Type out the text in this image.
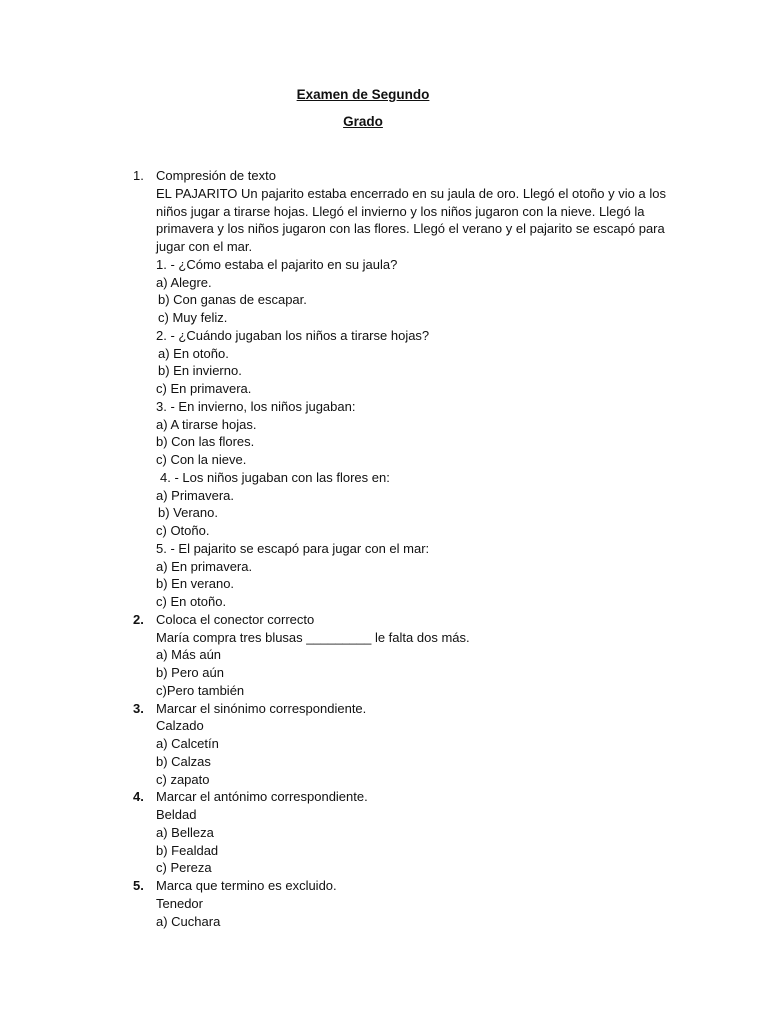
Examen de Segundo
Grado
1. Compresión de texto
EL PAJARITO Un pajarito estaba encerrado en su jaula de oro. Llegó el otoño y vio a los
niños jugar a tirarse hojas. Llegó el invierno y los niños jugaron con la nieve. Llegó la
primavera y los niños jugaron con las flores. Llegó el verano y el pajarito se escapó para
jugar con el mar.
1. - ¿Cómo estaba el pajarito en su jaula?
a) Alegre.
b) Con ganas de escapar.
c) Muy feliz.
2. - ¿Cuándo jugaban los niños a tirarse hojas?
a) En otoño.
b) En invierno.
c) En primavera.
3. - En invierno, los niños jugaban:
a) A tirarse hojas.
b) Con las flores.
c) Con la nieve.
4. - Los niños jugaban con las flores en:
a) Primavera.
b) Verano.
c) Otoño.
5. - El pajarito se escapó para jugar con el mar:
a) En primavera.
b) En verano.
c) En otoño.
2. Coloca el conector correcto
María compra tres blusas _________ le falta dos más.
a) Más aún
b) Pero aún
c)Pero también
3. Marcar el sinónimo correspondiente.
Calzado
a) Calcetín
b) Calzas
c) zapato
4. Marcar el antónimo correspondiente.
Beldad
a) Belleza
b) Fealdad
c) Pereza
5. Marca que termino es excluido.
Tenedor
a) Cuchara
